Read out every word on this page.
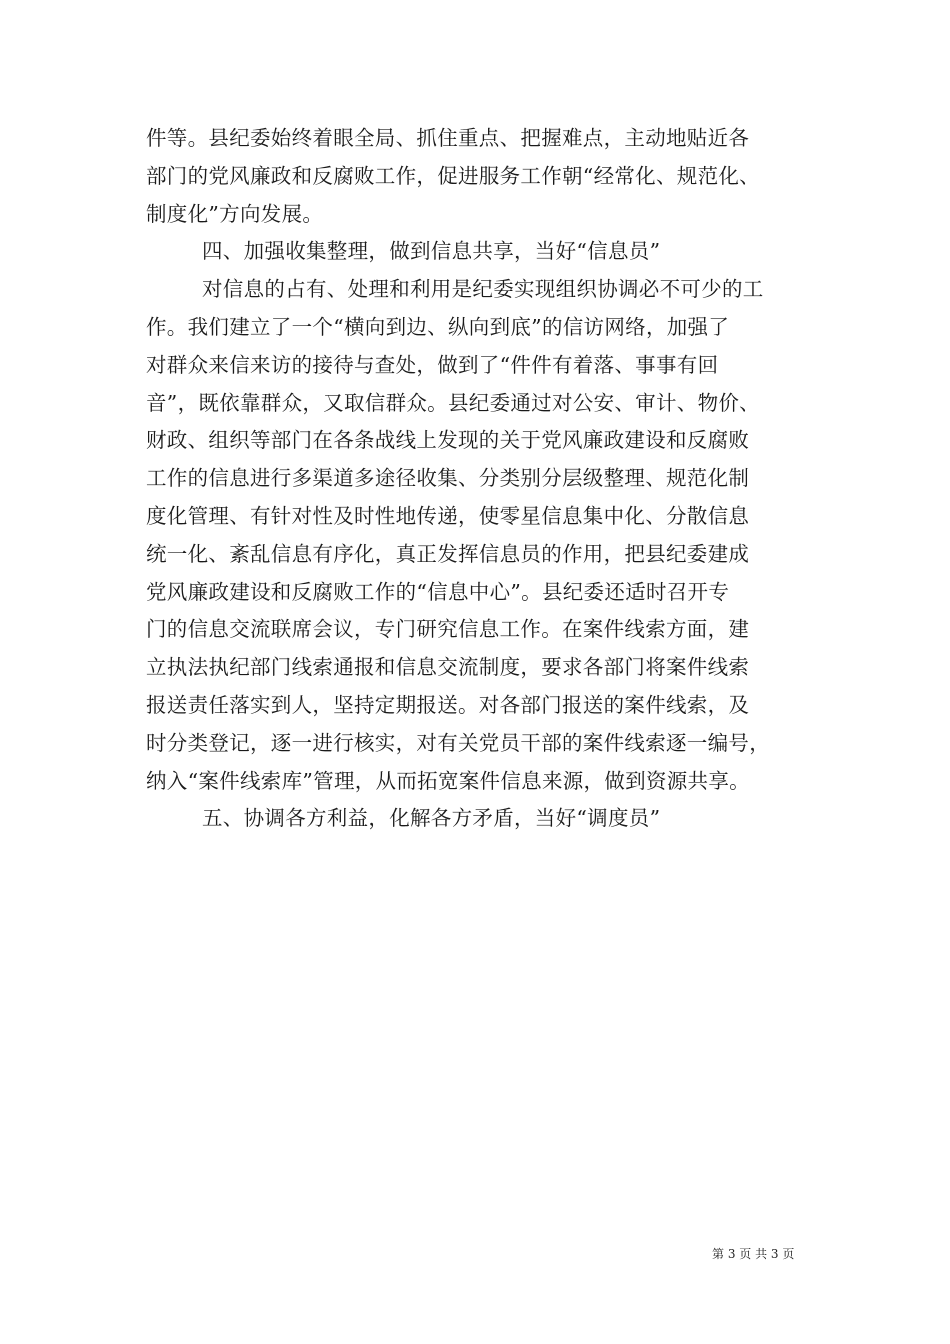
件等。县纪委始终着眼全局、抓住重点、把握难点，主动地贴近各
部门的党风廉政和反腐败工作，促进服务工作朝“经常化、规范化、
制度化”方向发展。
四、加强收集整理，做到信息共享，当好“信息员”
对信息的占有、处理和利用是纪委实现组织协调必不可少的工
作。我们建立了一个“横向到边、纵向到底”的信访网络，加强了
对群众来信来访的接待与查处，做到了“件件有着落、事事有回
音”，既依靠群众，又取信群众。县纪委通过对公安、审计、物价、
财政、组织等部门在各条战线上发现的关于党风廉政建设和反腐败
工作的信息进行多渠道多途径收集、分类别分层级整理、规范化制
度化管理、有针对性及时性地传递，使零星信息集中化、分散信息
统一化、紊乱信息有序化，真正发挥信息员的作用，把县纪委建成
党风廉政建设和反腐败工作的“信息中心”。县纪委还适时召开专
门的信息交流联席会议，专门研究信息工作。在案件线索方面，建
立执法执纪部门线索通报和信息交流制度，要求各部门将案件线索
报送责任落实到人，坚持定期报送。对各部门报送的案件线索，及
时分类登记，逐一进行核实，对有关党员干部的案件线索逐一编号，
纳入“案件线索库”管理，从而拓宽案件信息来源，做到资源共享。
五、协调各方利益，化解各方矛盾，当好“调度员”
第 3 页 共 3 页
